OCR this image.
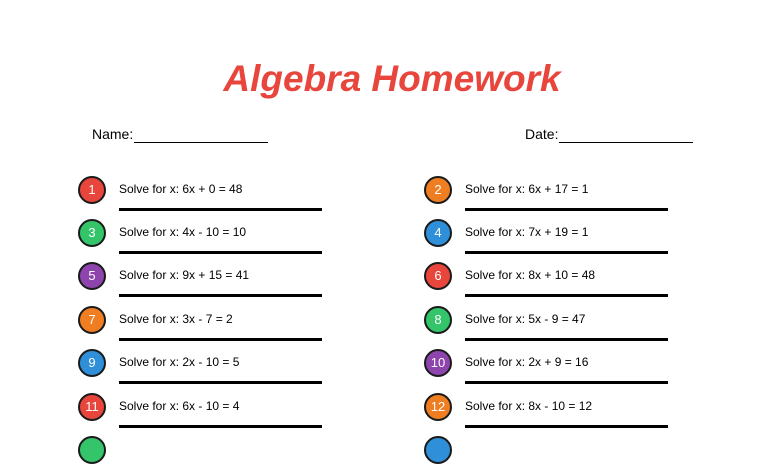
Algebra Homework
Name:	Date:
1	Solve for x: 6x + 0 = 48	2	Solve for x: 6x + 17 = 1
3	Solve for x: 4x - 10 = 10	4	Solve for x: 7x + 19 = 1
5	Solve for x: 9x + 15 = 41	6	Solve for x: 8x + 10 = 48
7	Solve for x: 3x - 7 = 2	8	Solve for x: 5x - 9 = 47
9	Solve for x: 2x - 10 = 5	10	Solve for x: 2x + 9 = 16
11	Solve for x: 6x - 10 = 4	12	Solve for x: 8x - 10 = 12
